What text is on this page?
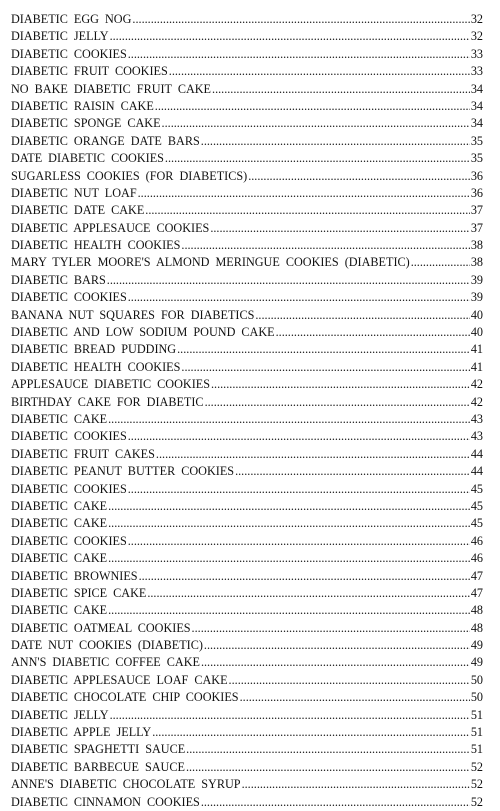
DIABETIC EGG NOG .....	32
DIABETIC JELLY .....	32
DIABETIC COOKIES .....	33
DIABETIC FRUIT COOKIES .....	33
NO BAKE DIABETIC FRUIT CAKE .....	34
DIABETIC RAISIN CAKE .....	34
DIABETIC SPONGE CAKE .....	34
DIABETIC ORANGE DATE BARS .....	35
DATE DIABETIC COOKIES .....	35
SUGARLESS COOKIES (FOR DIABETICS) .....	36
DIABETIC NUT LOAF .....	36
DIABETIC DATE CAKE .....	37
DIABETIC APPLESAUCE COOKIES .....	37
DIABETIC HEALTH COOKIES .....	38
MARY TYLER MOORE'S ALMOND MERINGUE COOKIES (DIABETIC) .....	38
DIABETIC BARS .....	39
DIABETIC COOKIES .....	39
BANANA NUT SQUARES FOR DIABETICS .....	40
DIABETIC AND LOW SODIUM POUND CAKE .....	40
DIABETIC BREAD PUDDING .....	41
DIABETIC HEALTH COOKIES .....	41
APPLESAUCE DIABETIC COOKIES .....	42
BIRTHDAY CAKE FOR DIABETIC .....	42
DIABETIC CAKE .....	43
DIABETIC COOKIES .....	43
DIABETIC FRUIT CAKES .....	44
DIABETIC PEANUT BUTTER COOKIES .....	44
DIABETIC COOKIES .....	45
DIABETIC CAKE .....	45
DIABETIC CAKE .....	45
DIABETIC COOKIES .....	46
DIABETIC CAKE .....	46
DIABETIC BROWNIES .....	47
DIABETIC SPICE CAKE .....	47
DIABETIC CAKE .....	48
DIABETIC OATMEAL COOKIES .....	48
DATE NUT COOKIES (DIABETIC) .....	49
ANN'S DIABETIC COFFEE CAKE .....	49
DIABETIC APPLESAUCE LOAF CAKE .....	50
DIABETIC CHOCOLATE CHIP COOKIES .....	50
DIABETIC JELLY .....	51
DIABETIC APPLE JELLY .....	51
DIABETIC SPAGHETTI SAUCE .....	51
DIABETIC BARBECUE SAUCE .....	52
ANNE'S DIABETIC CHOCOLATE SYRUP .....	52
DIABETIC CINNAMON COOKIES .....	52
